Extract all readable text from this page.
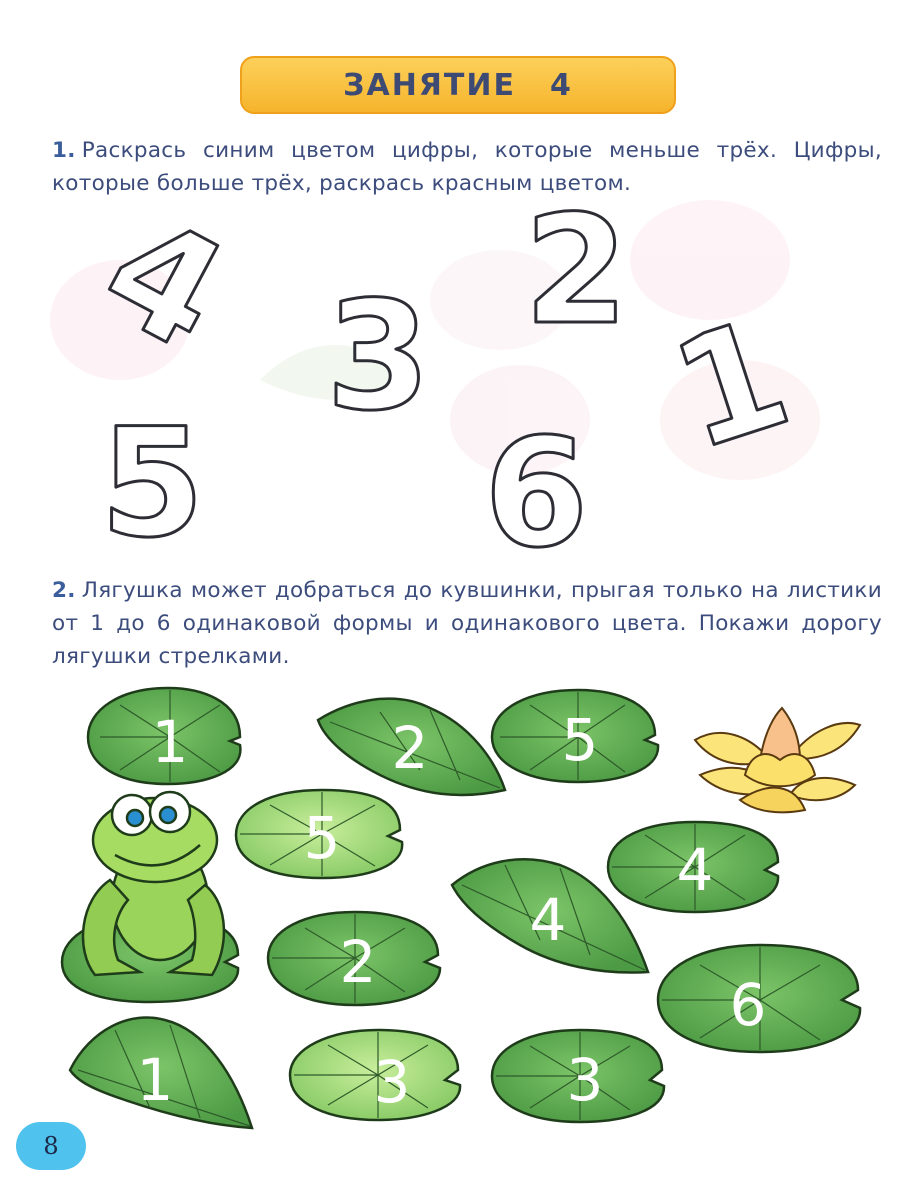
ЗАНЯТИЕ 4
1. Раскрась синим цветом цифры, которые меньше трёх. Цифры, которые больше трёх, раскрась красным цветом.
4 3 2
1
5 6
1	2 5
5	4
4
2
6
1	3	3
2. Лягушка может добраться до кувшинки, прыгая только на листики от 1 до 6 одинаковой формы и одинакового цвета. Покажи дорогу лягушки стрелками.
8
